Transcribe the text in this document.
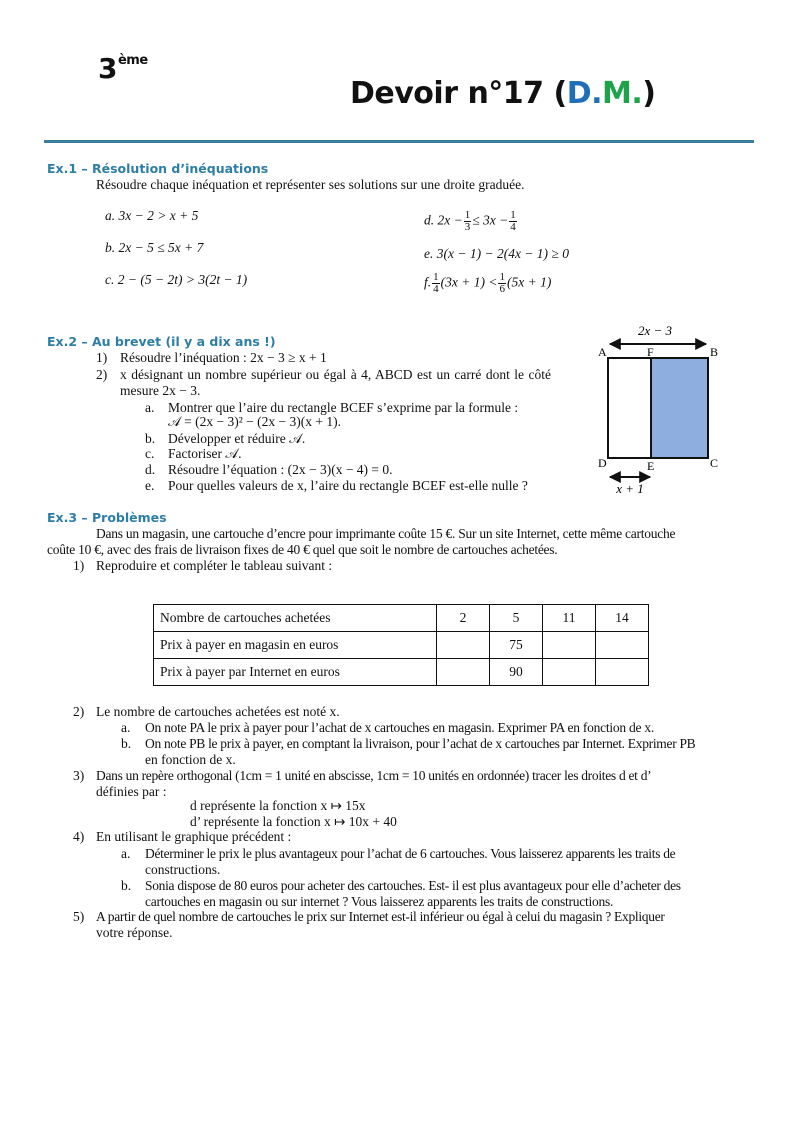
3ème
Devoir n°17 (D.M.)
Ex.1 – Résolution d’inéquations
Résoudre chaque inéquation et représenter ses solutions sur une droite graduée.
a. 3x − 2 > x + 5
b. 2x − 5 ≤ 5x + 7
c. 2 − (5 − 2t) > 3(2t − 1)
d. $2x - \frac{1}{3} \le 3x - \frac{1}{4}$
e. 3(x − 1) − 2(4x − 1) ≥ 0
f. $\frac{1}{4} (3x + 1) < \frac{1}{6} (5x + 1)$
Ex.2 – Au brevet (il y a dix ans !)
1) Résoudre l’inéquation : 2x − 3 ≥ x + 1
2) x désignant un nombre supérieur ou égal à 4, ABCD est un carré dont le côté mesure 2x − 3.
a. Montrer que l’aire du rectangle BCEF s’exprime par la formule :
𝒜 = (2x − 3)² − (2x − 3)(x + 1).
b. Développer et réduire 𝒜.
c. Factoriser 𝒜.
d. Résoudre l’équation : (2x − 3)(x − 4) = 0.
e. Pour quelles valeurs de x, l’aire du rectangle BCEF est-elle nulle ?
2x − 3
A	F	B
D	E	C
x + 1
Ex.3 – Problèmes
Dans un magasin, une cartouche d’encre pour imprimante coûte 15 €. Sur un site Internet, cette même cartouche
coûte 10 €, avec des frais de livraison fixes de 40 € quel que soit le nombre de cartouches achetées.
1) Reproduire et compléter le tableau suivant :
Nombre de cartouches achetées	2	5	11	14
Prix à payer en magasin en euros		75		
Prix à payer par Internet en euros		90		
2) Le nombre de cartouches achetées est noté x.
a. On note PA le prix à payer pour l’achat de x cartouches en magasin. Exprimer PA en fonction de x.
b. On note PB le prix à payer, en comptant la livraison, pour l’achat de x cartouches par Internet. Exprimer PB
en fonction de x.
3) Dans un repère orthogonal (1cm = 1 unité en abscisse, 1cm = 10 unités en ordonnée) tracer les droites d et d’
définies par :
d représente la fonction x ↦ 15x
d’ représente la fonction x ↦ 10x + 40
4) En utilisant le graphique précédent :
a. Déterminer le prix le plus avantageux pour l’achat de 6 cartouches. Vous laisserez apparents les traits de
constructions.
b. Sonia dispose de 80 euros pour acheter des cartouches. Est- il est plus avantageux pour elle d’acheter des
cartouches en magasin ou sur internet ? Vous laisserez apparents les traits de constructions.
5) A partir de quel nombre de cartouches le prix sur Internet est-il inférieur ou égal à celui du magasin ? Expliquer
votre réponse.
